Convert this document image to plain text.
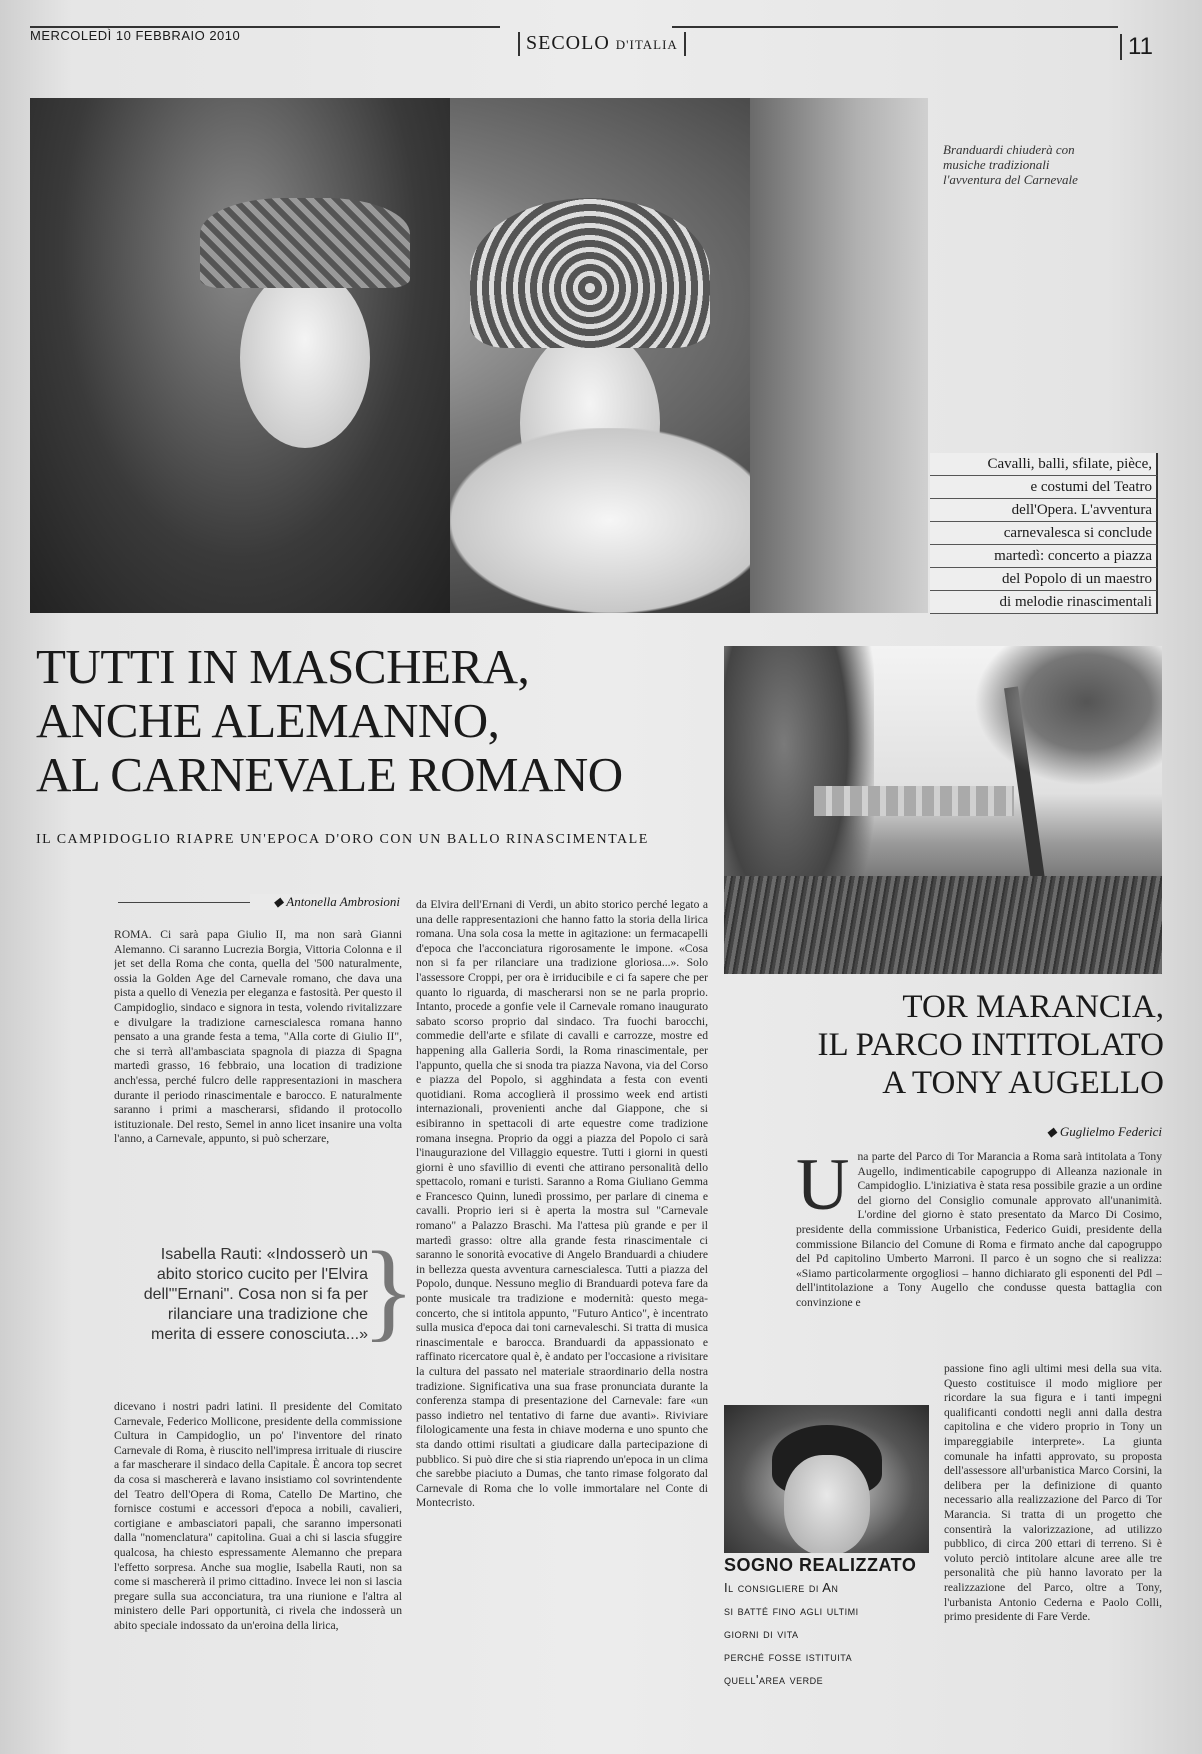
MERCOLEDÌ 10 FEBBRAIO 2010	SECOLO D'ITALIA	11
Branduardi chiuderà con musiche tradizionali l'avventura del Carnevale
Cavalli, balli, sfilate, pièce,
e costumi del Teatro
dell'Opera. L'avventura
carnevalesca si conclude
martedì: concerto a piazza
del Popolo di un maestro
di melodie rinascimentali
TUTTI IN MASCHERA,
ANCHE ALEMANNO,
AL CARNEVALE ROMANO
IL CAMPIDOGLIO RIAPRE UN'EPOCA D'ORO CON UN BALLO RINASCIMENTALE
◆ Antonella Ambrosioni
ROMA. Ci sarà papa Giulio II, ma non sarà Gianni Alemanno. Ci saranno Lucrezia Borgia, Vittoria Colonna e il jet set della Roma che conta, quella del '500 naturalmente, ossia la Golden Age del Carnevale romano, che dava una pista a quello di Venezia per eleganza e fastosità. Per questo il Campidoglio, sindaco e signora in testa, volendo rivitalizzare e divulgare la tradizione carnescialesca romana hanno pensato a una grande festa a tema, "Alla corte di Giulio II", che si terrà all'ambasciata spagnola di piazza di Spagna martedì grasso, 16 febbraio, una location di tradizione anch'essa, perché fulcro delle rappresentazioni in maschera durante il periodo rinascimentale e barocco. E naturalmente saranno i primi a mascherarsi, sfidando il protocollo istituzionale. Del resto, Semel in anno licet insanire una volta l'anno, a Carnevale, appunto, si può scherzare,
Isabella Rauti: «Indosserò un abito storico cucito per l'Elvira dell'"Ernani". Cosa non si fa per rilanciare una tradizione che merita di essere conosciuta...»
}
dicevano i nostri padri latini. Il presidente del Comitato Carnevale, Federico Mollicone, presidente della commissione Cultura in Campidoglio, un po' l'inventore del rinato Carnevale di Roma, è riuscito nell'impresa irrituale di riuscire a far mascherare il sindaco della Capitale. È ancora top secret da cosa si maschererà e lavano insistiamo col sovrintendente del Teatro dell'Opera di Roma, Catello De Martino, che fornisce costumi e accessori d'epoca a nobili, cavalieri, cortigiane e ambasciatori papali, che saranno impersonati dalla "nomenclatura" capitolina. Guai a chi si lascia sfuggire qualcosa, ha chiesto espressamente Alemanno che prepara l'effetto sorpresa. Anche sua moglie, Isabella Rauti, non sa come si maschererà il primo cittadino. Invece lei non si lascia pregare sulla sua acconciatura, tra una riunione e l'altra al ministero delle Pari opportunità, ci rivela che indosserà un abito speciale indossato da un'eroina della lirica,
da Elvira dell'Ernani di Verdi, un abito storico perché legato a una delle rappresentazioni che hanno fatto la storia della lirica romana. Una sola cosa la mette in agitazione: un fermacapelli d'epoca che l'acconciatura rigorosamente le impone. «Cosa non si fa per rilanciare una tradizione gloriosa...». Solo l'assessore Croppi, per ora è irriducibile e ci fa sapere che per quanto lo riguarda, di mascherarsi non se ne parla proprio. Intanto, procede a gonfie vele il Carnevale romano inaugurato sabato scorso proprio dal sindaco. Tra fuochi barocchi, commedie dell'arte e sfilate di cavalli e carrozze, mostre ed happening alla Galleria Sordi, la Roma rinascimentale, per l'appunto, quella che si snoda tra piazza Navona, via del Corso e piazza del Popolo, si agghindata a festa con eventi quotidiani. Roma accoglierà il prossimo week end artisti internazionali, provenienti anche dal Giappone, che si esibiranno in spettacoli di arte equestre come tradizione romana insegna. Proprio da oggi a piazza del Popolo ci sarà l'inaugurazione del Villaggio equestre. Tutti i giorni in questi giorni è uno sfavillio di eventi che attirano personalità dello spettacolo, romani e turisti. Saranno a Roma Giuliano Gemma e Francesco Quinn, lunedì prossimo, per parlare di cinema e cavalli. Proprio ieri si è aperta la mostra sul "Carnevale romano" a Palazzo Braschi. Ma l'attesa più grande e per il martedì grasso: oltre alla grande festa rinascimentale ci saranno le sonorità evocative di Angelo Branduardi a chiudere in bellezza questa avventura carnescialesca. Tutti a piazza del Popolo, dunque. Nessuno meglio di Branduardi poteva fare da ponte musicale tra tradizione e modernità: questo mega-concerto, che si intitola appunto, "Futuro Antico", è incentrato sulla musica d'epoca dai toni carnevaleschi. Si tratta di musica rinascimentale e barocca. Branduardi da appassionato e raffinato ricercatore qual è, è andato per l'occasione a rivisitare la cultura del passato nel materiale straordinario della nostra tradizione. Significativa una sua frase pronunciata durante la conferenza stampa di presentazione del Carnevale: fare «un passo indietro nel tentativo di farne due avanti». Riviviare filologicamente una festa in chiave moderna e uno spunto che sta dando ottimi risultati a giudicare dalla partecipazione di pubblico. Si può dire che si stia riaprendo un'epoca in un clima che sarebbe piaciuto a Dumas, che tanto rimase folgorato dal Carnevale di Roma che lo volle immortalare nel Conte di Montecristo.
TOR MARANCIA,
IL PARCO INTITOLATO
A TONY AUGELLO
◆ Guglielmo Federici
Una parte del Parco di Tor Marancia a Roma sarà intitolata a Tony Augello, indimenticabile capogruppo di Alleanza nazionale in Campidoglio. L'iniziativa è stata resa possibile grazie a un ordine del giorno del Consiglio comunale approvato all'unanimità. L'ordine del giorno è stato presentato da Marco Di Cosimo, presidente della commissione Urbanistica, Federico Guidi, presidente della commissione Bilancio del Comune di Roma e firmato anche dal capogruppo del Pd capitolino Umberto Marroni. Il parco è un sogno che si realizza: «Siamo particolarmente orgogliosi – hanno dichiarato gli esponenti del Pdl – dell'intitolazione a Tony Augello che condusse questa battaglia con convinzione e
SOGNO REALIZZATO
Il consigliere di An
si batté fino agli ultimi
giorni di vita
perché fosse istituita
quell'area verde
passione fino agli ultimi mesi della sua vita. Questo costituisce il modo migliore per ricordare la sua figura e i tanti impegni qualificanti condotti negli anni dalla destra capitolina e che videro proprio in Tony un impareggiabile interprete». La giunta comunale ha infatti approvato, su proposta dell'assessore all'urbanistica Marco Corsini, la delibera per la definizione di quanto necessario alla realizzazione del Parco di Tor Marancia. Si tratta di un progetto che consentirà la valorizzazione, ad utilizzo pubblico, di circa 200 ettari di terreno. Si è voluto perciò intitolare alcune aree alle tre personalità che più hanno lavorato per la realizzazione del Parco, oltre a Tony, l'urbanista Antonio Cederna e Paolo Colli, primo presidente di Fare Verde.
